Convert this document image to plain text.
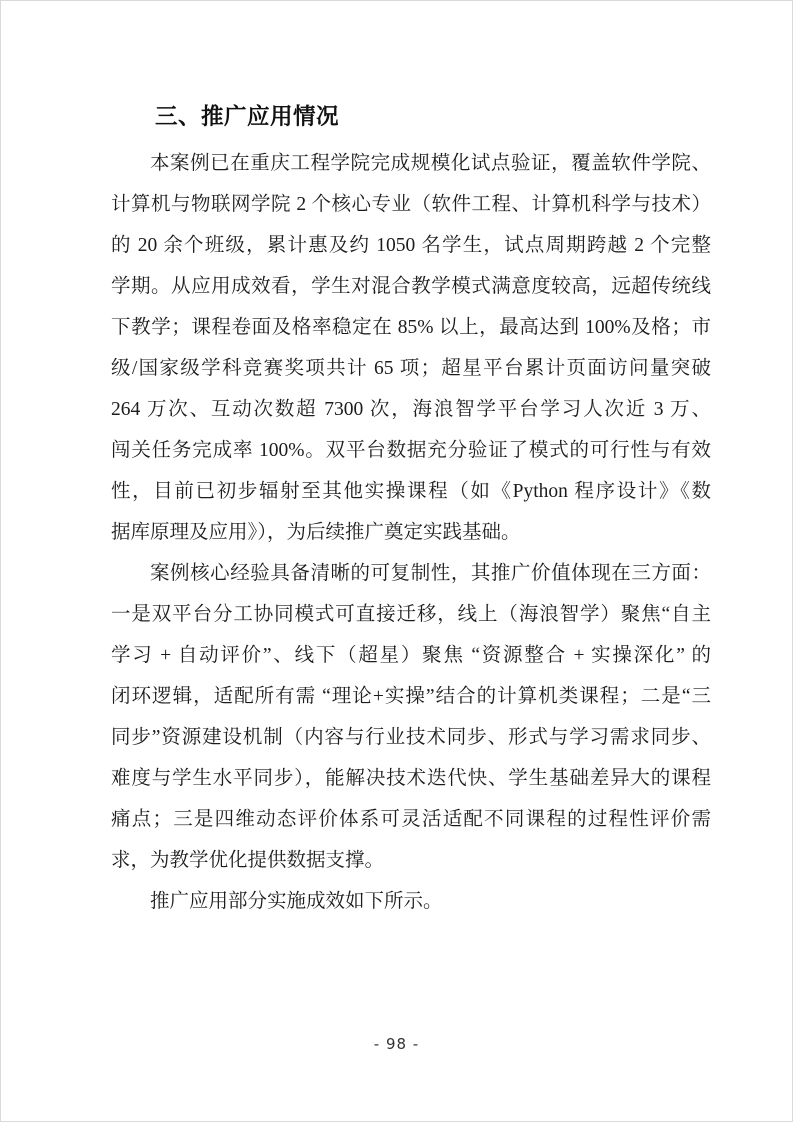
三、推广应用情况
本案例已在重庆工程学院完成规模化试点验证，覆盖软件学院、
计算机与物联网学院 2 个核心专业（软件工程、计算机科学与技术）
的 20 余个班级，累计惠及约 1050 名学生，试点周期跨越 2 个完整
学期。从应用成效看，学生对混合教学模式满意度较高，远超传统线
下教学；课程卷面及格率稳定在 85% 以上，最高达到 100%及格；市
级/国家级学科竞赛奖项共计 65 项；超星平台累计页面访问量突破
264 万次、互动次数超 7300 次，海浪智学平台学习人次近 3 万、
闯关任务完成率 100%。双平台数据充分验证了模式的可行性与有效
性，目前已初步辐射至其他实操课程（如《Python 程序设计》《数
据库原理及应用》），为后续推广奠定实践基础。
案例核心经验具备清晰的可复制性，其推广价值体现在三方面：
一是双平台分工协同模式可直接迁移，线上（海浪智学）聚焦“自主
学习 + 自动评价”、线下（超星）聚焦 “资源整合 + 实操深化” 的
闭环逻辑，适配所有需 “理论+实操”结合的计算机类课程；二是“三
同步”资源建设机制（内容与行业技术同步、形式与学习需求同步、
难度与学生水平同步），能解决技术迭代快、学生基础差异大的课程
痛点；三是四维动态评价体系可灵活适配不同课程的过程性评价需
求，为教学优化提供数据支撑。
推广应用部分实施成效如下所示。
- 98 -
